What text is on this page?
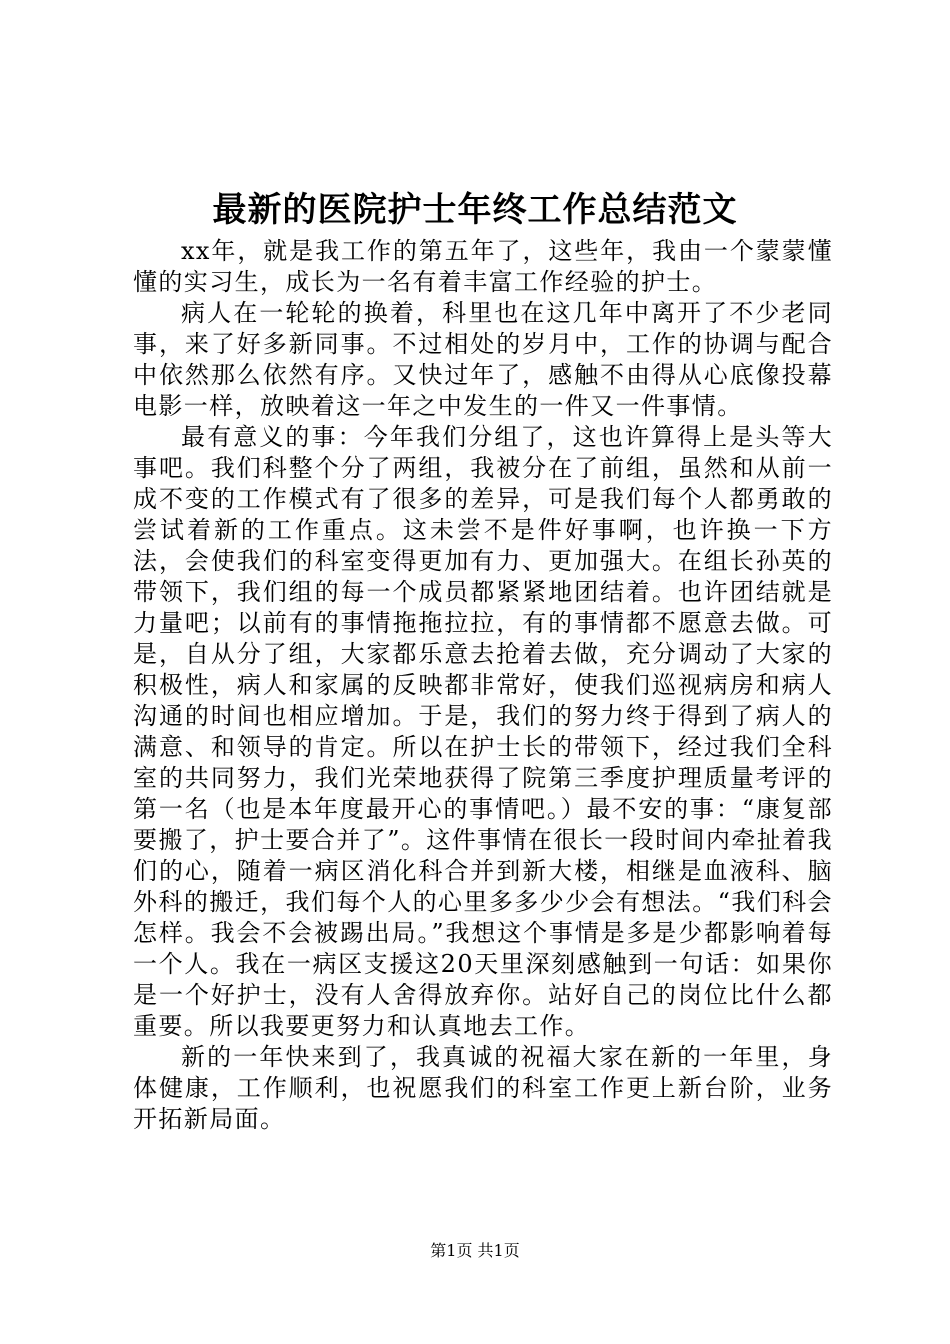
最新的医院护士年终工作总结范文

xx年，就是我工作的第五年了，这些年，我由一个蒙蒙懂懂的实习生，成长为一名有着丰富工作经验的护士。

病人在一轮轮的换着，科里也在这几年中离开了不少老同事，来了好多新同事。不过相处的岁月中，工作的协调与配合中依然那么依然有序。又快过年了，感触不由得从心底像投幕电影一样，放映着这一年之中发生的一件又一件事情。

最有意义的事：今年我们分组了，这也许算得上是头等大事吧。我们科整个分了两组，我被分在了前组，虽然和从前一成不变的工作模式有了很多的差异，可是我们每个人都勇敢的尝试着新的工作重点。这未尝不是件好事啊，也许换一下方法，会使我们的科室变得更加有力、更加强大。在组长孙英的带领下，我们组的每一个成员都紧紧地团结着。也许团结就是力量吧；以前有的事情拖拖拉拉，有的事情都不愿意去做。可是，自从分了组，大家都乐意去抢着去做，充分调动了大家的积极性，病人和家属的反映都非常好，使我们巡视病房和病人沟通的时间也相应增加。于是，我们的努力终于得到了病人的满意、和领导的肯定。所以在护士长的带领下，经过我们全科室的共同努力，我们光荣地获得了院第三季度护理质量考评的第一名（也是本年度最开心的事情吧。）最不安的事：“康复部要搬了，护士要合并了”。这件事情在很长一段时间内牵扯着我们的心，随着一病区消化科合并到新大楼，相继是血液科、脑外科的搬迁，我们每个人的心里多多少少会有想法。“我们科会怎样。我会不会被踢出局。”我想这个事情是多是少都影响着每一个人。我在一病区支援这20天里深刻感触到一句话：如果你是一个好护士，没有人舍得放弃你。站好自己的岗位比什么都重要。所以我要更努力和认真地去工作。

新的一年快来到了，我真诚的祝福大家在新的一年里，身体健康，工作顺利，也祝愿我们的科室工作更上新台阶，业务开拓新局面。

第1页 共1页
